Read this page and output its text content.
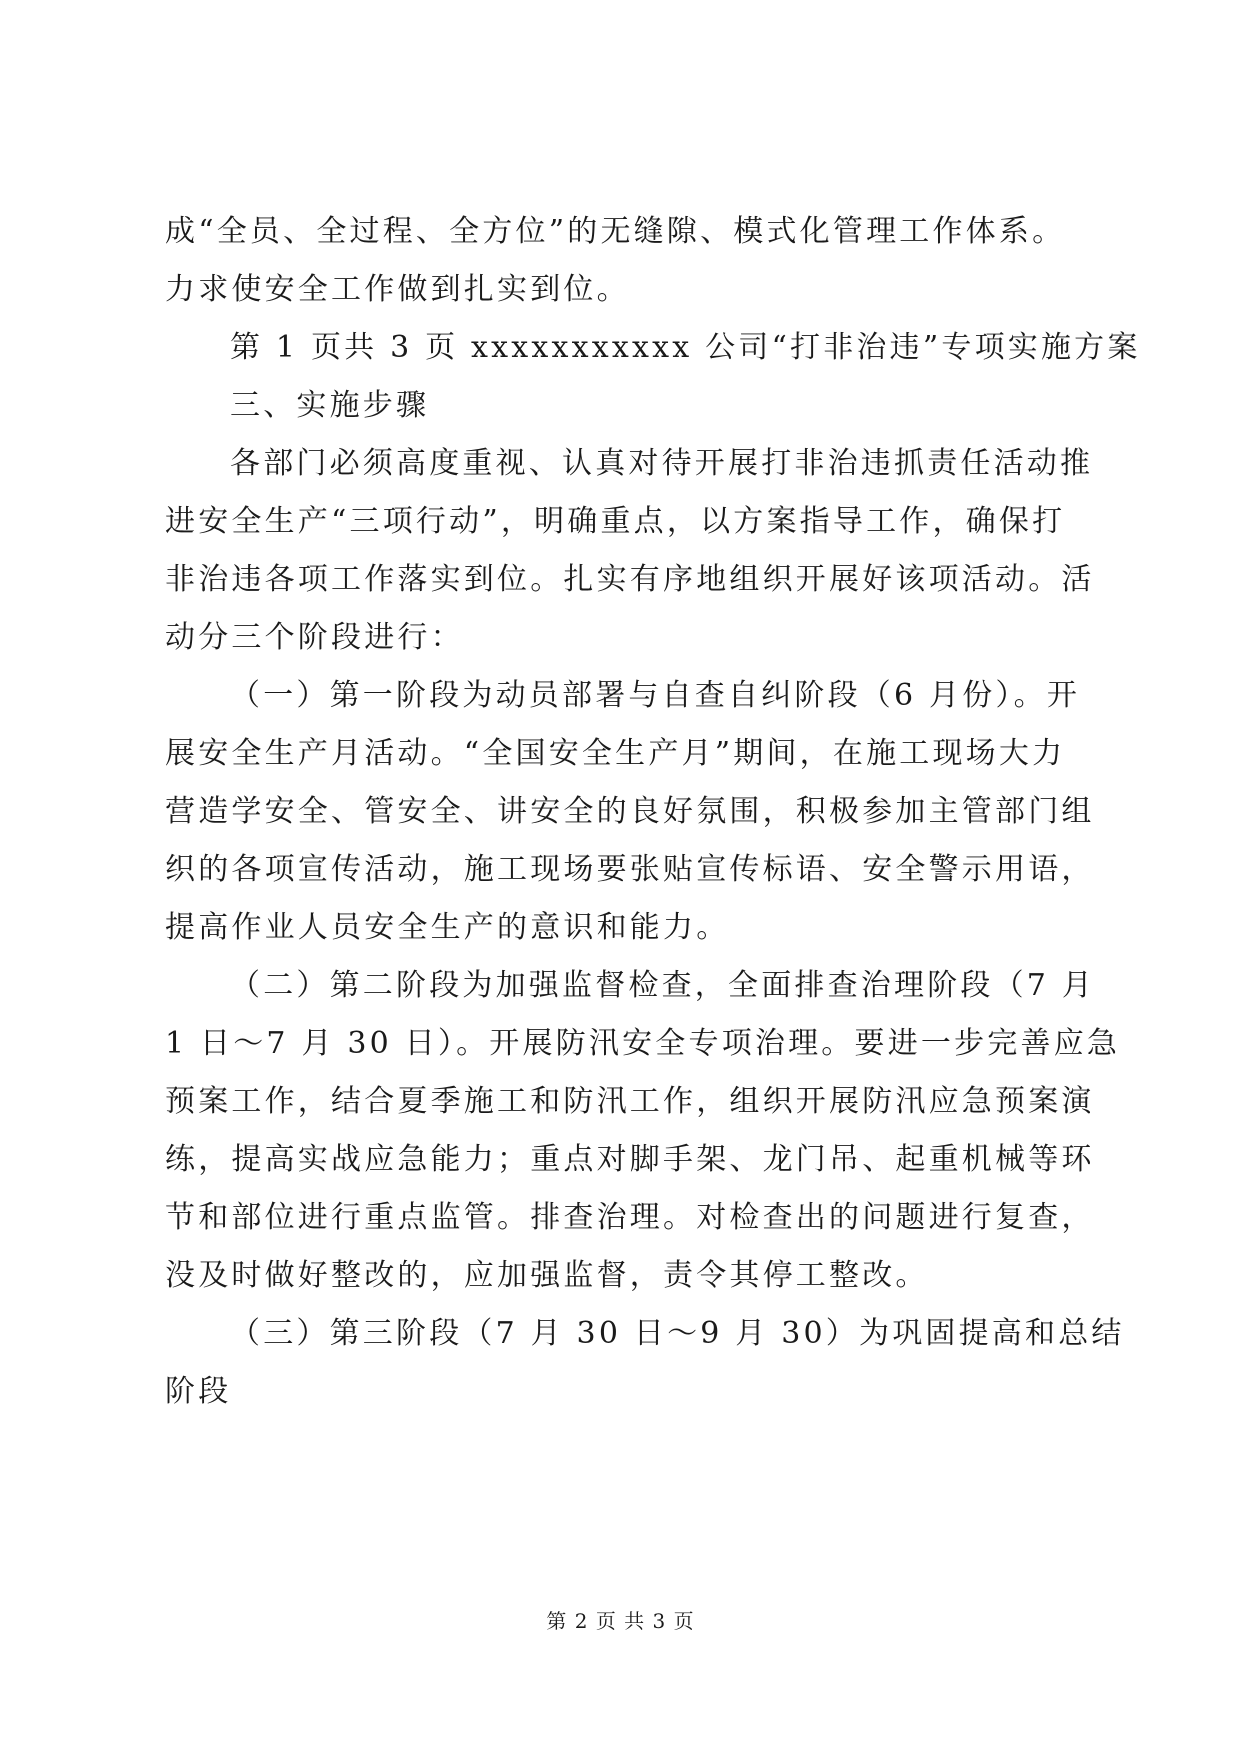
成“全员、全过程、全方位”的无缝隙、模式化管理工作体系。
力求使安全工作做到扎实到位。
第 1 页共 3 页 xxxxxxxxxxx 公司“打非治违”专项实施方案
三、实施步骤
各部门必须高度重视、认真对待开展打非治违抓责任活动推
进安全生产“三项行动”，明确重点，以方案指导工作，确保打
非治违各项工作落实到位。扎实有序地组织开展好该项活动。活
动分三个阶段进行：
（一）第一阶段为动员部署与自查自纠阶段（6 月份）。开
展安全生产月活动。“全国安全生产月”期间，在施工现场大力
营造学安全、管安全、讲安全的良好氛围，积极参加主管部门组
织的各项宣传活动，施工现场要张贴宣传标语、安全警示用语，
提高作业人员安全生产的意识和能力。
（二）第二阶段为加强监督检查，全面排查治理阶段（7 月
1 日～7 月 30 日）。开展防汛安全专项治理。要进一步完善应急
预案工作，结合夏季施工和防汛工作，组织开展防汛应急预案演
练，提高实战应急能力；重点对脚手架、龙门吊、起重机械等环
节和部位进行重点监管。排查治理。对检查出的问题进行复查，
没及时做好整改的，应加强监督，责令其停工整改。
（三）第三阶段（7 月 30 日～9 月 30）为巩固提高和总结
阶段
第 2 页 共 3 页
